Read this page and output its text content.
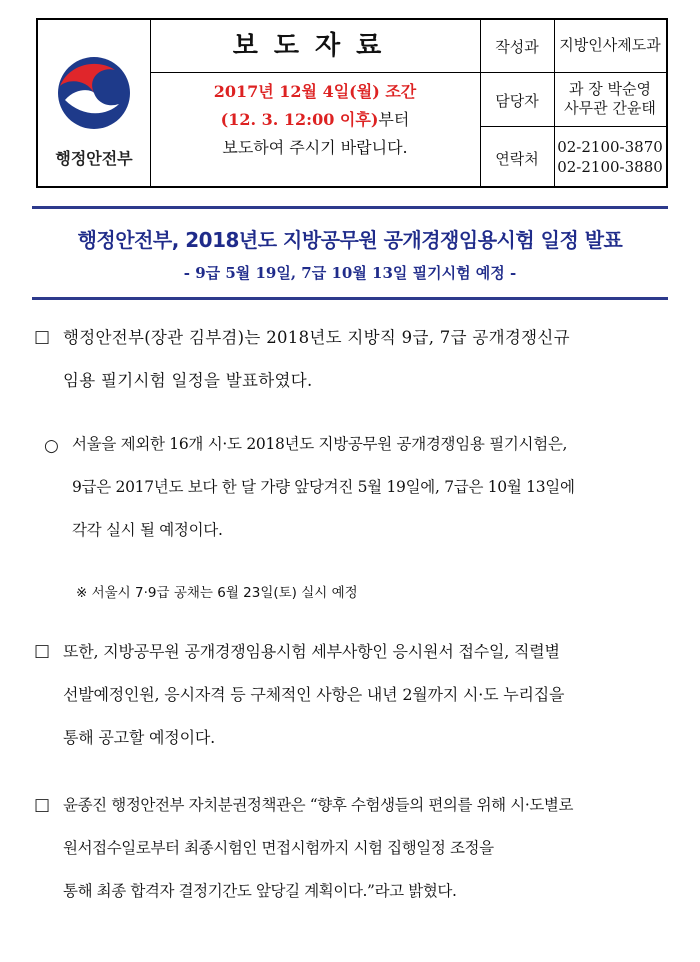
행정안전부
보도자료
2017년 12월 4일(월) 조간
(12. 3. 12:00 이후)부터
보도하여 주시기 바랍니다.
작성과	지방인사제도과
담당자
과 장 박순영
사무관 간윤태
연락처
02-2100-3870
02-2100-3880
행정안전부, 2018년도 지방공무원 공개경쟁임용시험 일정 발표
- 9급 5월 19일, 7급 10월 13일 필기시험 예정 -
□ 행정안전부(장관 김부겸)는 2018년도 지방직 9급, 7급 공개경쟁신규
임용 필기시험 일정을 발표하였다.
○ 서울을 제외한 16개 시·도 2018년도 지방공무원 공개경쟁임용 필기시험은,
9급은 2017년도 보다 한 달 가량 앞당겨진 5월 19일에, 7급은 10월 13일에
각각 실시 될 예정이다.
※ 서울시 7·9급 공채는 6월 23일(토) 실시 예정
□ 또한, 지방공무원 공개경쟁임용시험 세부사항인 응시원서 접수일, 직렬별
선발예정인원, 응시자격 등 구체적인 사항은 내년 2월까지 시·도 누리집을
통해 공고할 예정이다.
□ 윤종진 행정안전부 자치분권정책관은 “향후 수험생들의 편의를 위해 시·도별로
원서접수일로부터 최종시험인 면접시험까지 시험 집행일정 조정을
통해 최종 합격자 결정기간도 앞당길 계획이다.”라고 밝혔다.
